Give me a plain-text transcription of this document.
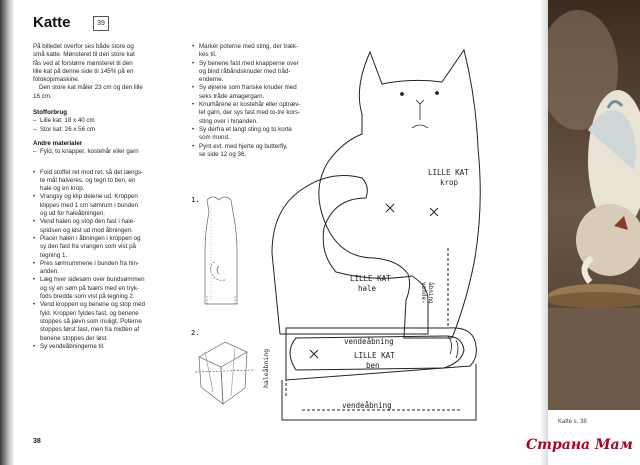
Katte	39

På billedet overfor ses både store og

små katte. Mønsteret til den store kat

fås ved at forstørre mønsteret til den

lille kat på denne side til 145% på en

fotokopimaskine.

Den store kat måler 23 cm og den lille

16 cm.

Stofforbrug

– Lille kat: 18 x 40 cm

– Stor kat: 26 x 56 cm

Andre materialer

– Fyld, to knapper, kostehår eller garn

• Fold stoffet ret mod ret, så det længs-

te mål halveres, og tegn to ben, en

hale og en krop.

• Vrangsy og klip delene ud. Kroppen

klippes med 1 cm sømrum i bunden

og ud for haleåbningen.

• Vend halen og stop den fast i hale-

spidsen og løst ud mod åbningen.

• Placer halen i åbningen i kroppen og

sy den fast fra vrangen som vist på

tegning 1.

• Pres sømrummene i bunden fra hin-

anden.

• Læg hver sidesøm over bundsømmen

og sy en søm på tværs med en tryk-

fods bredde som vist på tegning 2.

• Vend kroppen og benene og stop med

fyld. Kroppen fyldes fast, og benene

stoppes så jævn som muligt. Poterne

stoppes først fast, men fra midten af

benene stoppes der løst.

• Sy vendeåbningerne til.

• Markér poterne med sting, der træk-

kes til.

• Sy benene fast med knapperne over

og bind råbåndsknuder med tråd-

enderne.

• Sy øjnene som franske knuder med

seks tråde amagergarn.

• Knurhårene er kostehår eller optræv-

let garn, der sys fast med to-tre kors-

sting over i hinanden.

• Sy derfra et langt sting og to korte

som mund.

• Pynt evt. med hjerte og butterfly,

se side 12 og 36.

1.
2.
LILLE KAT
krop
LILLE KAT
hale	vende- åbning
vendeåbning
LILLE KAT
ben
haleåbning
vendeåbning
38
Katte s. 38
Страна Мам
